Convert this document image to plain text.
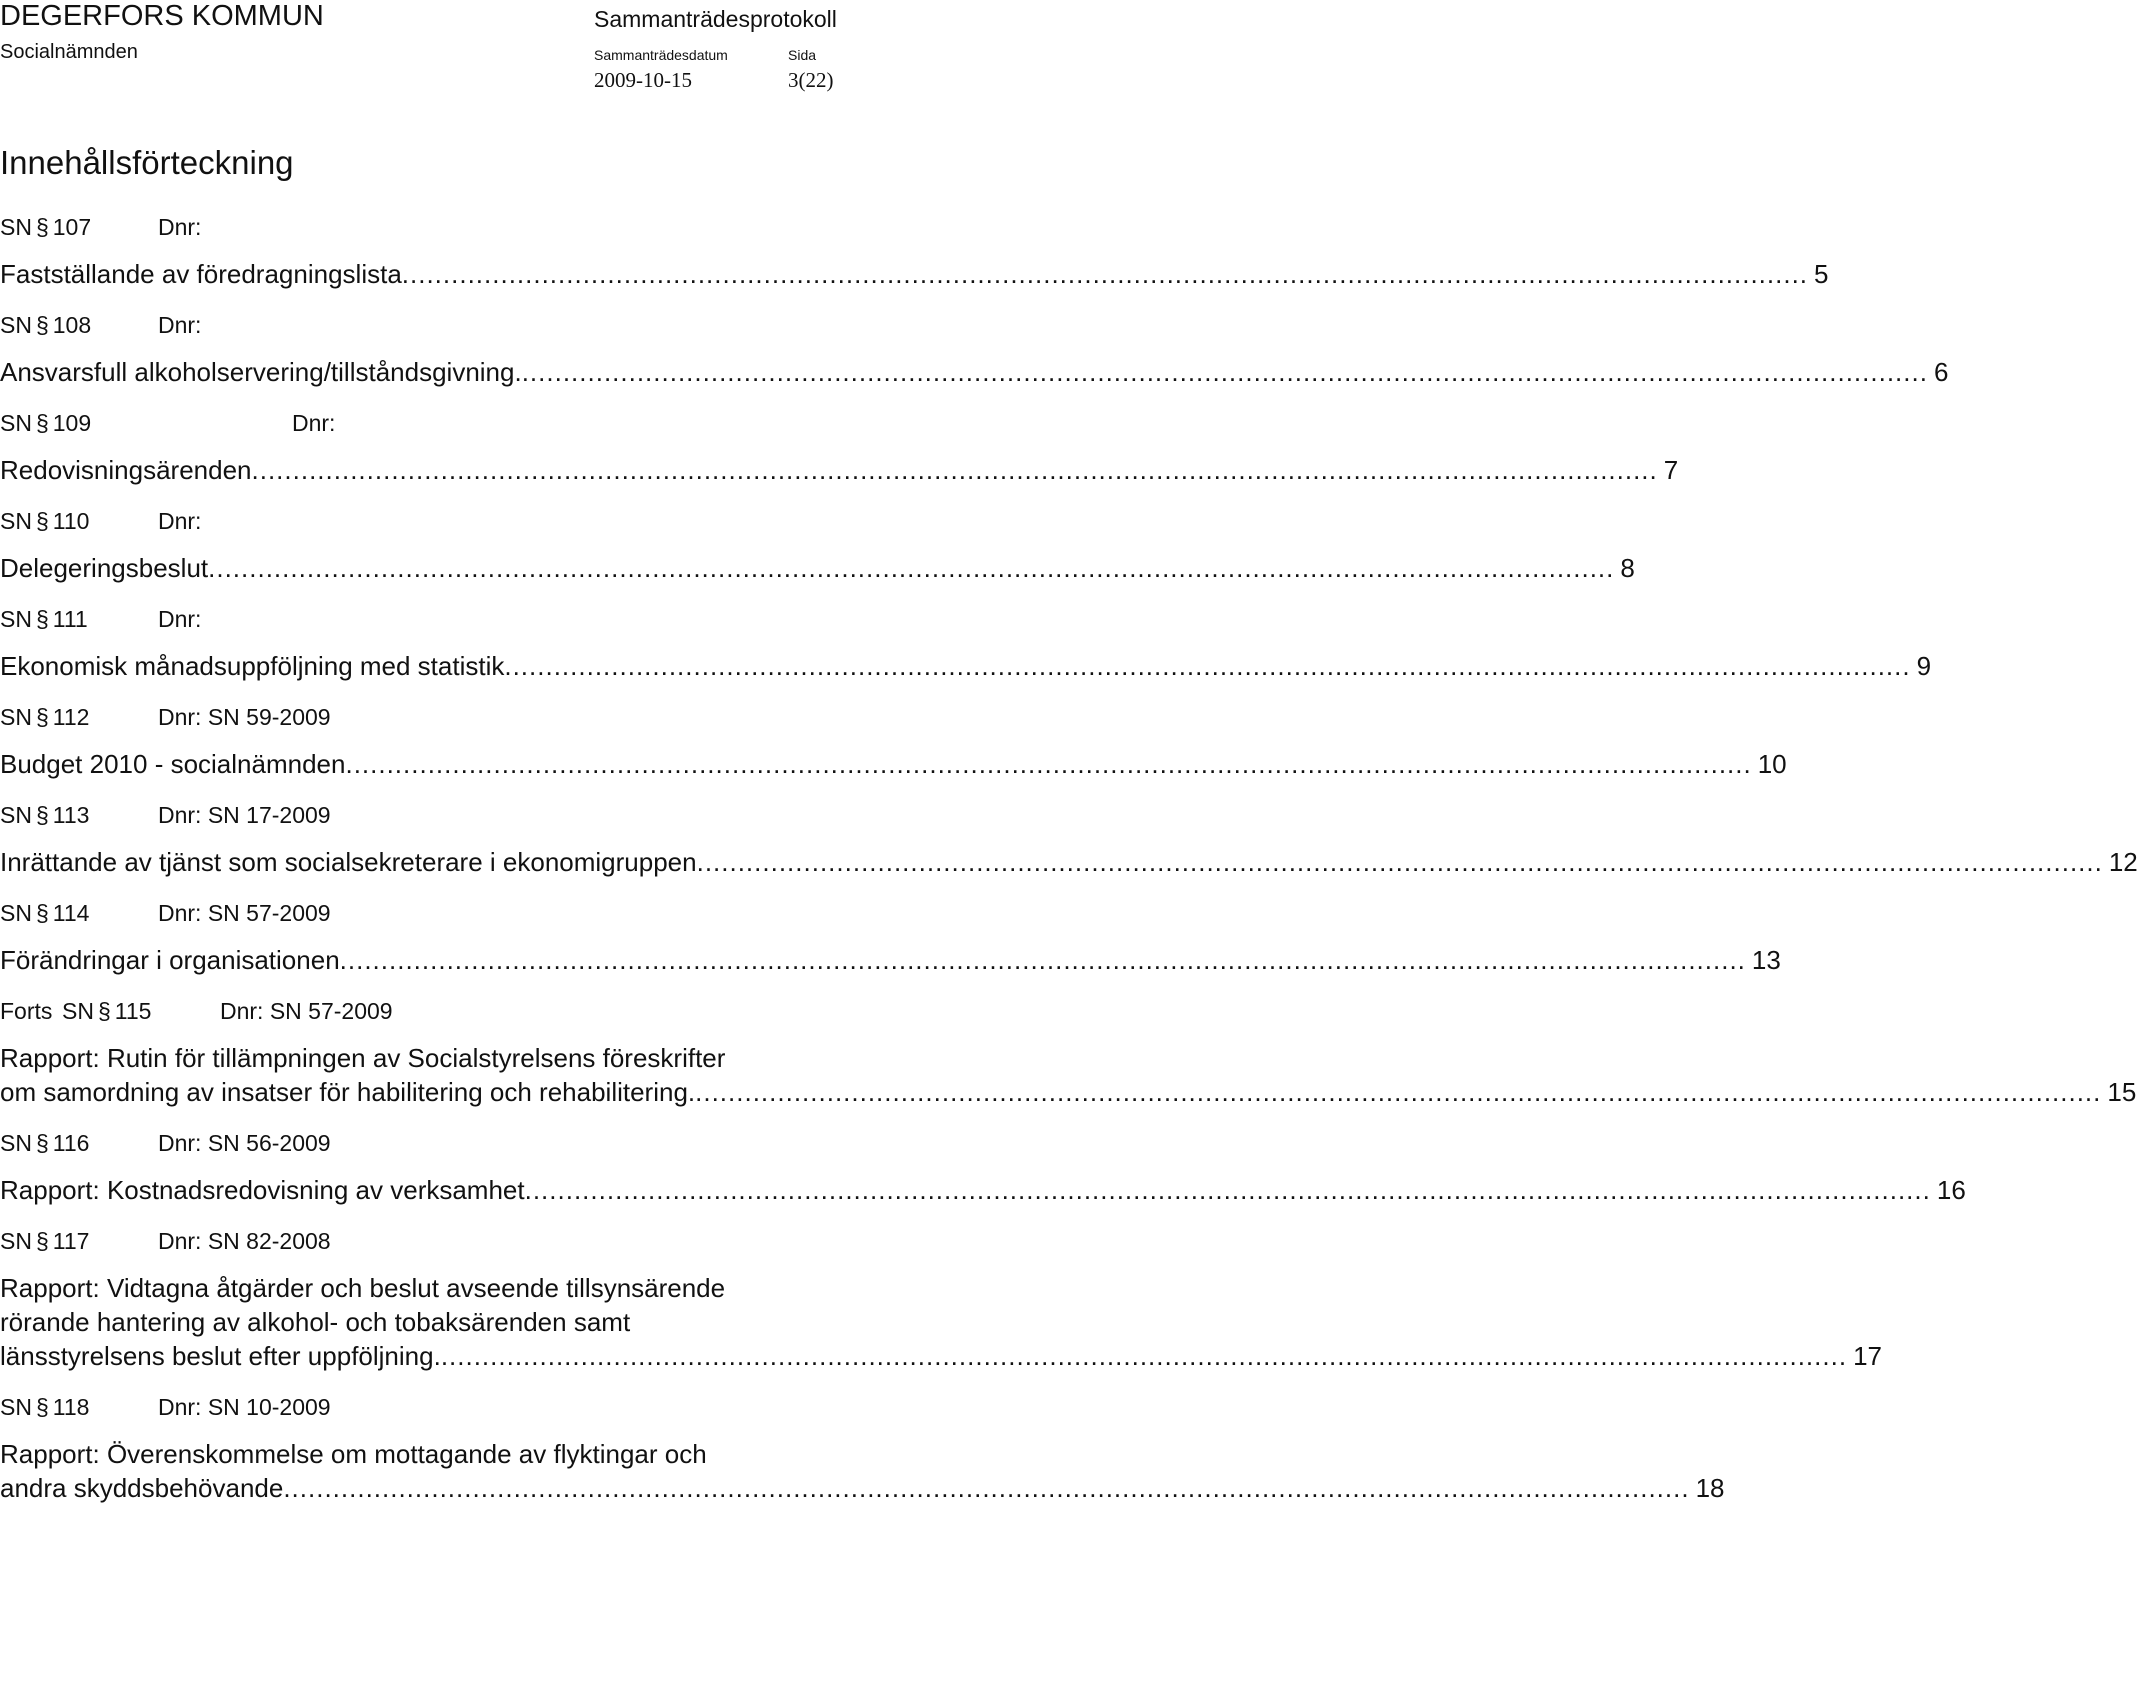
DEGERFORS KOMMUN
Socialnämnden
Sammanträdesprotokoll
Sammanträdesdatum	Sida
2009-10-15	3(22)
Innehållsförteckning
SN § 107	Dnr:
Fastställande av föredragningslista ........................................................................................................................................................................... 5
SN § 108	Dnr:
Ansvarsfull alkoholservering/tillståndsgivning. ........................................................................................................................................................................... 6
SN § 109	Dnr:
Redovisningsärenden ........................................................................................................................................................................... 7
SN § 110	Dnr:
Delegeringsbeslut ........................................................................................................................................................................... 8
SN § 111	Dnr:
Ekonomisk månadsuppföljning med statistik ........................................................................................................................................................................... 9
SN § 112	Dnr: SN 59-2009
Budget 2010 - socialnämnden ........................................................................................................................................................................... 10
SN § 113	Dnr: SN 17-2009
Inrättande av tjänst som socialsekreterare i ekonomigruppen ........................................................................................................................................................................... 12
SN § 114	Dnr: SN 57-2009
Förändringar i organisationen ........................................................................................................................................................................... 13
Forts SN § 115	Dnr: SN 57-2009
Rapport: Rutin för tillämpningen av Socialstyrelsens föreskrifter
om samordning av insatser för habilitering och rehabilitering. ........................................................................................................................................................................... 15
SN § 116	Dnr: SN 56-2009
Rapport: Kostnadsredovisning av verksamhet ........................................................................................................................................................................... 16
SN § 117	Dnr: SN 82-2008
Rapport: Vidtagna åtgärder och beslut avseende tillsynsärende
rörande hantering av alkohol- och tobaksärenden samt
länsstyrelsens beslut efter uppföljning. ........................................................................................................................................................................... 17
SN § 118	Dnr: SN 10-2009
Rapport: Överenskommelse om mottagande av flyktingar och
andra skyddsbehövande ........................................................................................................................................................................... 18
